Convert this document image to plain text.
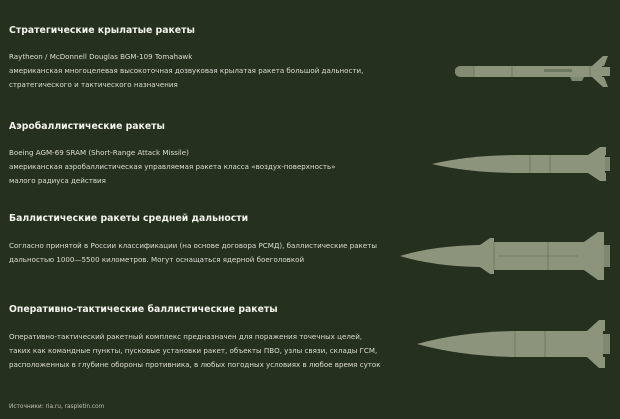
Стратегические крылатые ракеты
Raytheon / McDonnell Douglas BGM-109 Tomahawk
американская многоцелевая высокоточная дозвуковая крылатая ракета большой дальности,
стратегического и тактического назначения
Аэробаллистические ракеты
Boeing AGM-69 SRAM (Short-Range Attack Missile)
американская аэробаллистическая управляемая ракета класса «воздух-поверхность»
малого радиуса действия
Баллистические ракеты средней дальности
Согласно принятой в России классификации (на основе договора РСМД), баллистические ракеты
дальностью 1000—5500 километров. Могут оснащаться ядерной боеголовкой
Оперативно-тактические баллистические ракеты
Оперативно-тактический ракетный комплекс предназначен для поражения точечных целей,
таких как командные пункты, пусковые установки ракет, объекты ПВО, узлы связи, склады ГСМ,
расположенных в глубине обороны противника, в любых погодных условиях в любое время суток
Источники: ria.ru, raspletin.com
